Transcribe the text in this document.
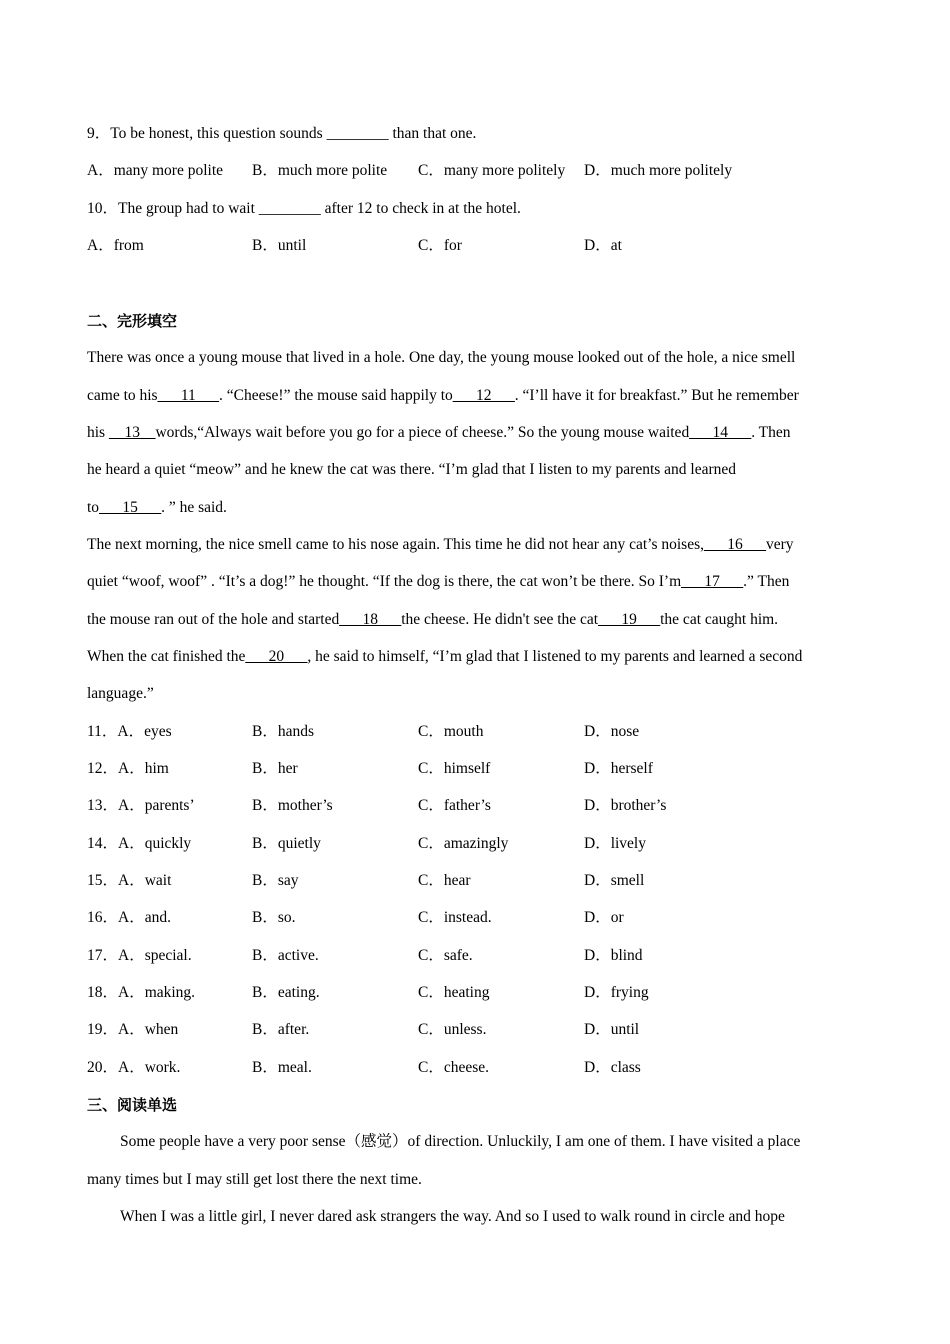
9．To be honest, this question sounds ________ than that one.
A．many more polite B．much more polite C．many more politely D．much more politely
10．The group had to wait ________ after 12 to check in at the hotel.
A．from	B．until	C．for	D．at
二、完形填空
There was once a young mouse that lived in a hole. One day, the young mouse looked out of the hole, a nice smell
came to his___11___. “Cheese!” the mouse said happily to___12___. “I’ll have it for breakfast.” But he remember
his __13__words,“Always wait before you go for a piece of cheese.” So the young mouse waited___14___. Then
he heard a quiet “meow” and he knew the cat was there. “I’m glad that I listen to my parents and learned
to___15___. ” he said.
The next morning, the nice smell came to his nose again. This time he did not hear any cat’s noises,___16___very
quiet “woof, woof” . “It’s a dog!” he thought. “If the dog is there, the cat won’t be there. So I’m___17___.” Then
the mouse ran out of the hole and started___18___the cheese. He didn't see the cat___19___the cat caught him.
When the cat finished the___20___, he said to himself, “I’m glad that I listened to my parents and learned a second
language.”
11．A．eyes	B．hands	C．mouth	D．nose
12．A．him	B．her	C．himself	D．herself
13．A．parents’	B．mother’s	C．father’s	D．brother’s
14．A．quickly	B．quietly	C．amazingly	D．lively
15．A．wait	B．say	C．hear	D．smell
16．A．and.	B．so.	C．instead.	D．or
17．A．special.	B．active.	C．safe.	D．blind
18．A．making.	B．eating.	C．heating	D．frying
19．A．when	B．after.	C．unless.	D．until
20．A．work.	B．meal.	C．cheese.	D．class
三、阅读单选
Some people have a very poor sense（感觉）of direction. Unluckily, I am one of them. I have visited a place
many times but I may still get lost there the next time.
When I was a little girl, I never dared ask strangers the way. And so I used to walk round in circle and hope
